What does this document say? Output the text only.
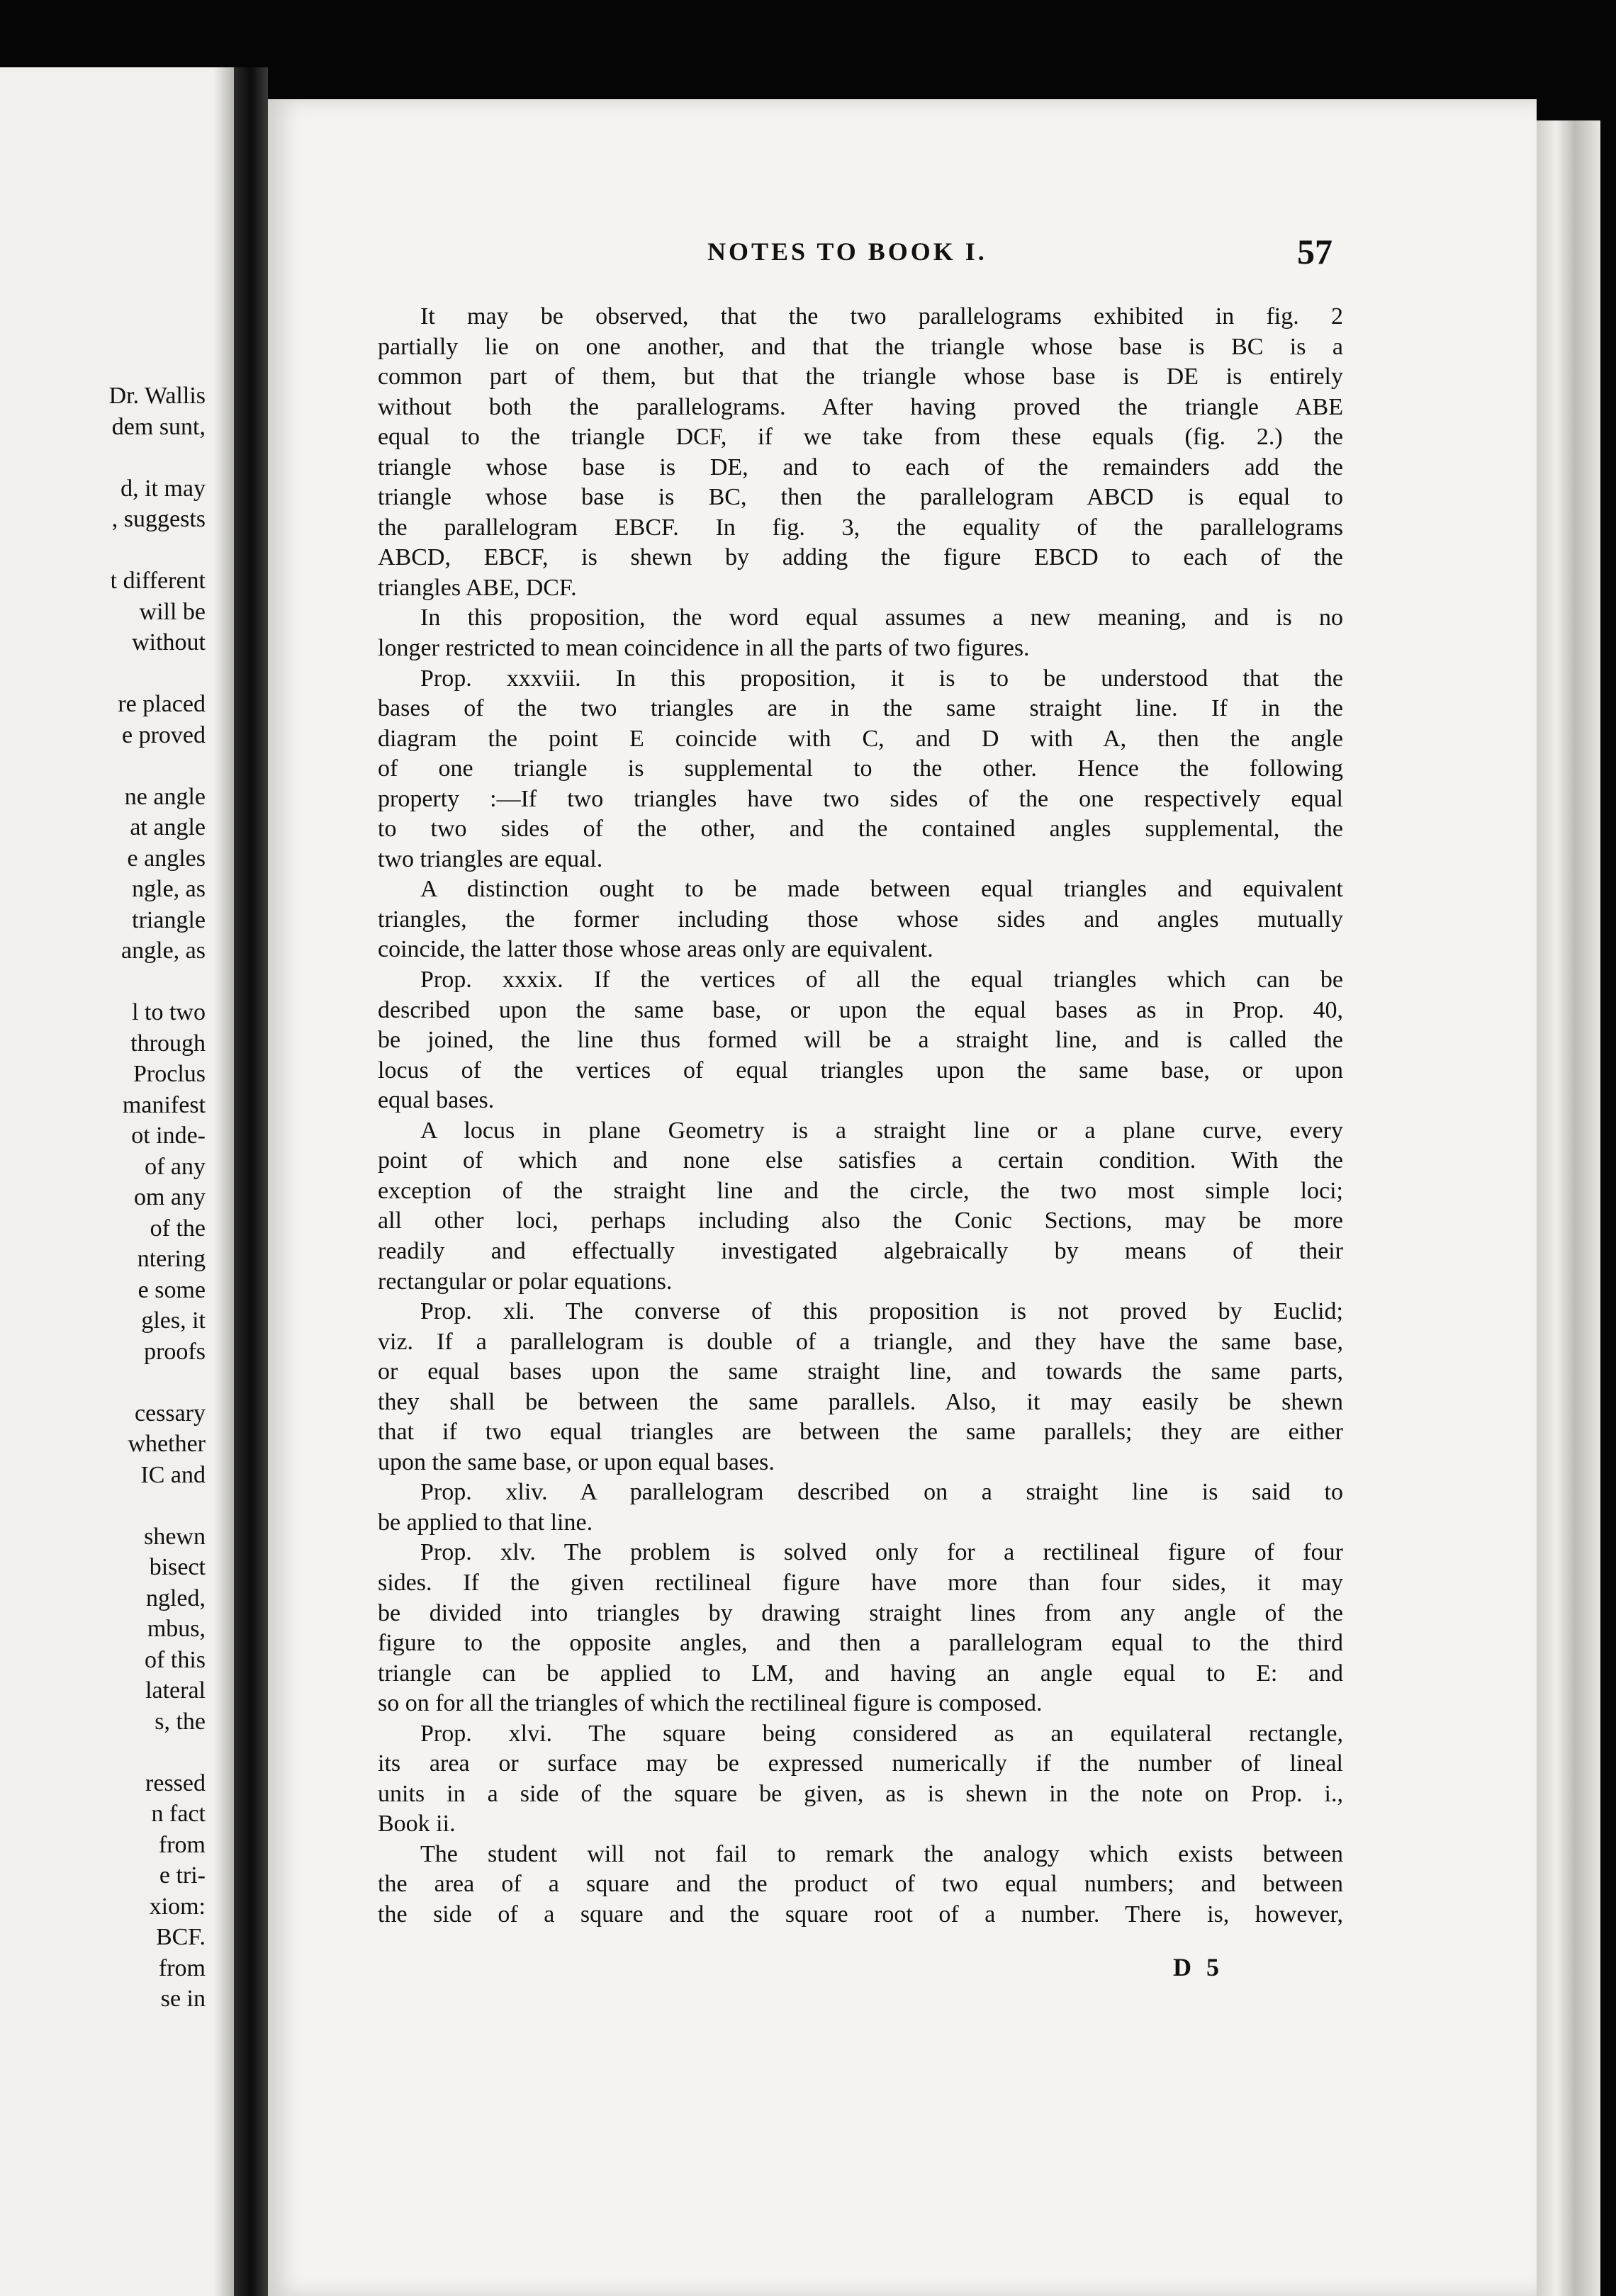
Dr. Wallis
dem sunt,
d, it may
, suggests
t different
will be
without
re placed
e proved
ne angle
at angle
e angles
ngle, as
triangle
angle, as
l to two
through
Proclus
manifest
ot inde-
of any
om any
of the
ntering
e some
gles, it
proofs
cessary
whether
IC and
shewn
bisect
ngled,
mbus,
of this
lateral
s, the
ressed
n fact
from
e tri-
xiom:
BCF.
from
se in
NOTES TO BOOK I.	57
It may be observed, that the two parallelograms exhibited in fig. 2
partially lie on one another, and that the triangle whose base is BC is a
common part of them, but that the triangle whose base is DE is entirely
without both the parallelograms. After having proved the triangle ABE
equal to the triangle DCF, if we take from these equals (fig. 2.) the
triangle whose base is DE, and to each of the remainders add the
triangle whose base is BC, then the parallelogram ABCD is equal to
the parallelogram EBCF. In fig. 3, the equality of the parallelograms
ABCD, EBCF, is shewn by adding the figure EBCD to each of the
triangles ABE, DCF.
In this proposition, the word equal assumes a new meaning, and is no
longer restricted to mean coincidence in all the parts of two figures.
Prop. xxxviii. In this proposition, it is to be understood that the
bases of the two triangles are in the same straight line. If in the
diagram the point E coincide with C, and D with A, then the angle
of one triangle is supplemental to the other. Hence the following
property :—If two triangles have two sides of the one respectively equal
to two sides of the other, and the contained angles supplemental, the
two triangles are equal.
A distinction ought to be made between equal triangles and equivalent
triangles, the former including those whose sides and angles mutually
coincide, the latter those whose areas only are equivalent.
Prop. xxxix. If the vertices of all the equal triangles which can be
described upon the same base, or upon the equal bases as in Prop. 40,
be joined, the line thus formed will be a straight line, and is called the
locus of the vertices of equal triangles upon the same base, or upon
equal bases.
A locus in plane Geometry is a straight line or a plane curve, every
point of which and none else satisfies a certain condition. With the
exception of the straight line and the circle, the two most simple loci;
all other loci, perhaps including also the Conic Sections, may be more
readily and effectually investigated algebraically by means of their
rectangular or polar equations.
Prop. xli. The converse of this proposition is not proved by Euclid;
viz. If a parallelogram is double of a triangle, and they have the same base,
or equal bases upon the same straight line, and towards the same parts,
they shall be between the same parallels. Also, it may easily be shewn
that if two equal triangles are between the same parallels; they are either
upon the same base, or upon equal bases.
Prop. xliv. A parallelogram described on a straight line is said to
be applied to that line.
Prop. xlv. The problem is solved only for a rectilineal figure of four
sides. If the given rectilineal figure have more than four sides, it may
be divided into triangles by drawing straight lines from any angle of the
figure to the opposite angles, and then a parallelogram equal to the third
triangle can be applied to LM, and having an angle equal to E: and
so on for all the triangles of which the rectilineal figure is composed.
Prop. xlvi. The square being considered as an equilateral rectangle,
its area or surface may be expressed numerically if the number of lineal
units in a side of the square be given, as is shewn in the note on Prop. i.,
Book ii.
The student will not fail to remark the analogy which exists between
the area of a square and the product of two equal numbers; and between
the side of a square and the square root of a number. There is, however,
D 5
